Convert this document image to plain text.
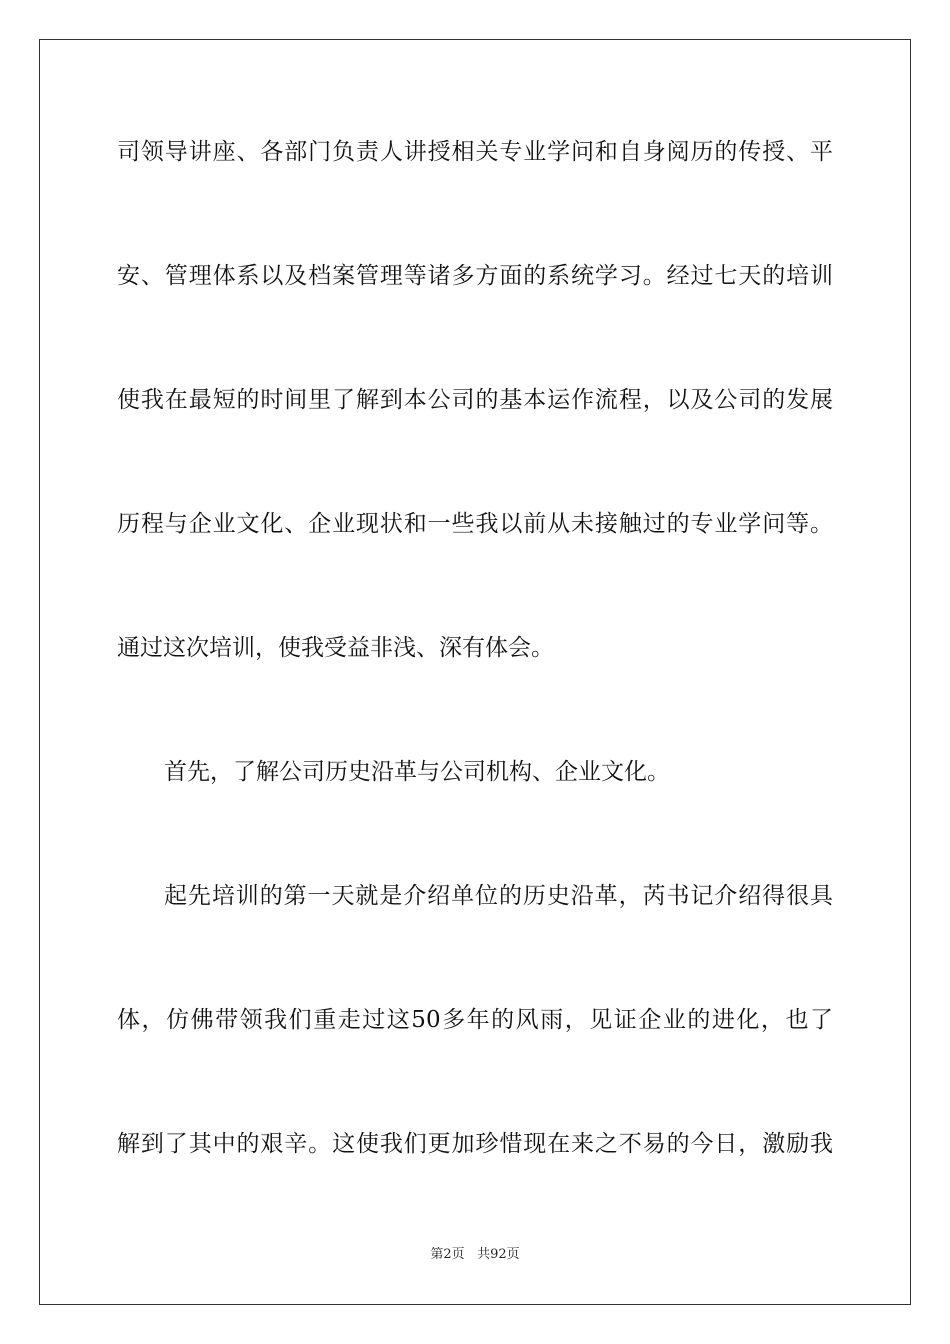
司领导讲座、各部门负责人讲授相关专业学问和自身阅历的传授、平
安、管理体系以及档案管理等诸多方面的系统学习。经过七天的培训
使我在最短的时间里了解到本公司的基本运作流程，以及公司的发展
历程与企业文化、企业现状和一些我以前从未接触过的专业学问等。
通过这次培训，使我受益非浅、深有体会。
首先，了解公司历史沿革与公司机构、企业文化。
起先培训的第一天就是介绍单位的历史沿革，芮书记介绍得很具
体，仿佛带领我们重走过这50多年的风雨，见证企业的进化，也了
解到了其中的艰辛。这使我们更加珍惜现在来之不易的今日，激励我
第2页 共92页
